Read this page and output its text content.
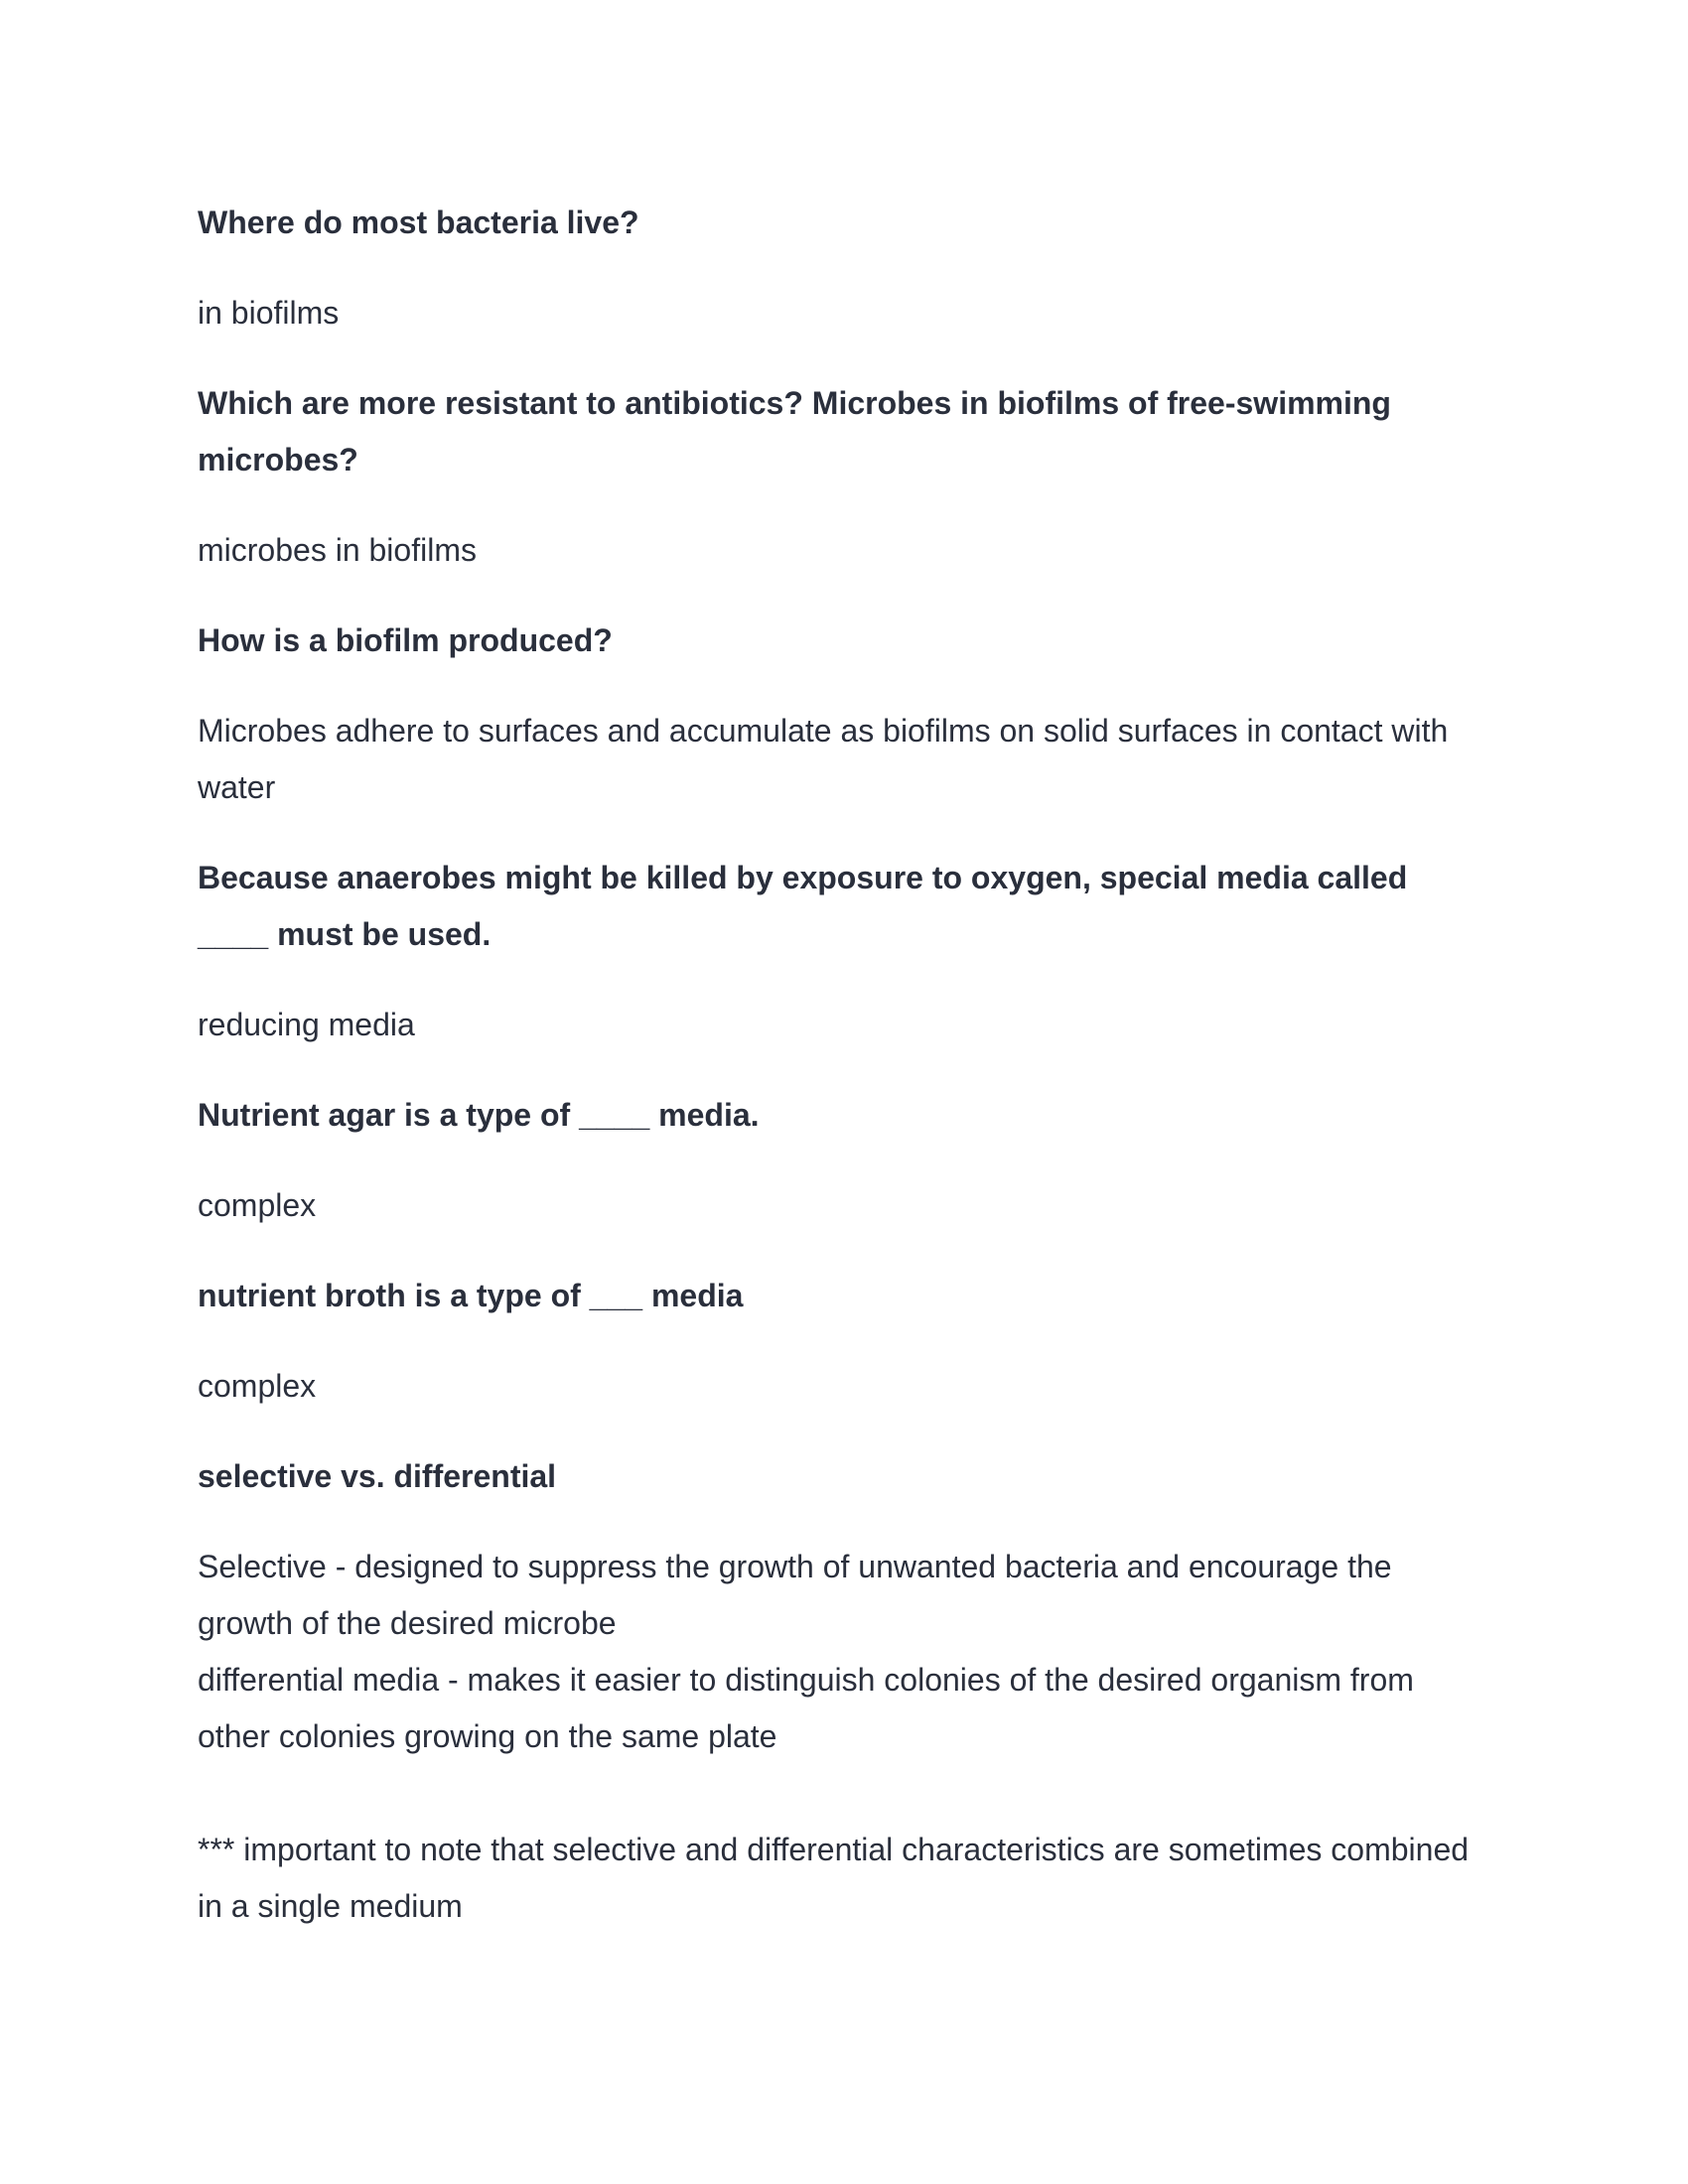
Where do most bacteria live?
in biofilms
Which are more resistant to antibiotics? Microbes in biofilms of free-swimming microbes?
microbes in biofilms
How is a biofilm produced?
Microbes adhere to surfaces and accumulate as biofilms on solid surfaces in contact with water
Because anaerobes might be killed by exposure to oxygen, special media called ____ must be used.
reducing media
Nutrient agar is a type of ____ media.
complex
nutrient broth is a type of ___ media
complex
selective vs. differential
Selective - designed to suppress the growth of unwanted bacteria and encourage the growth of the desired microbe
differential media - makes it easier to distinguish colonies of the desired organism from other colonies growing on the same plate
*** important to note that selective and differential characteristics are sometimes combined in a single medium
